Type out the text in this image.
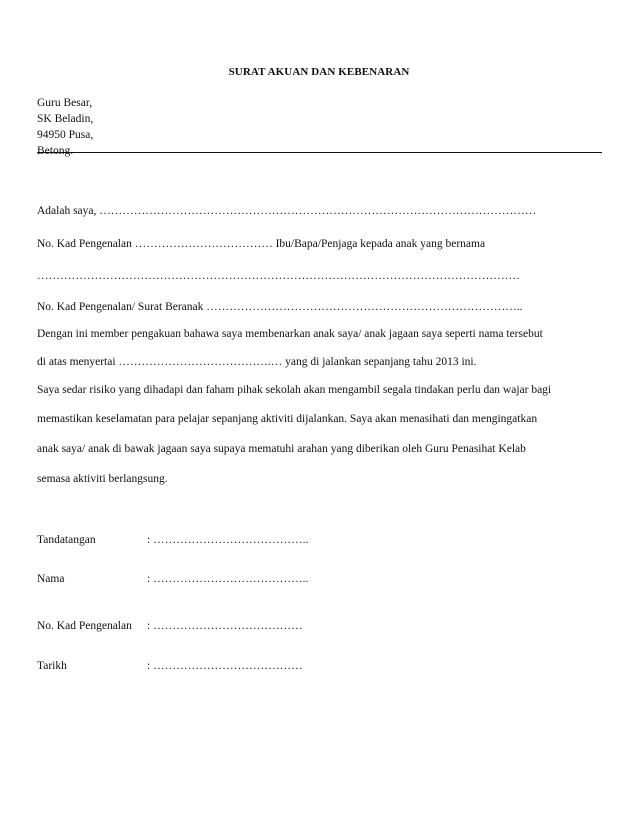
SURAT AKUAN DAN KEBENARAN
Guru Besar,
SK Beladin,
94950 Pusa,
Betong.
Adalah saya, ……………………………………………………………………………………………………
No. Kad Pengenalan ……………………………… Ibu/Bapa/Penjaga kepada anak yang bernama
………………………………………………………………………………………………………………
No. Kad Pengenalan/ Surat Beranak ………………………………………………………………………..
Dengan ini member pengakuan bahawa saya membenarkan anak saya/ anak jagaan saya seperti nama tersebut
di atas menyertai ………………………………….… yang di jalankan sepanjang tahu 2013 ini.
Saya sedar risiko yang dihadapi dan faham pihak sekolah akan mengambil segala tindakan perlu dan wajar bagi
memastikan keselamatan para pelajar sepanjang aktiviti dijalankan. Saya akan menasihati dan mengingatkan
anak saya/ anak di bawak jagaan saya supaya mematuhi arahan yang diberikan oleh Guru Penasihat Kelab
semasa aktiviti berlangsung.
Tandatangan	: …………………………………..
Nama	: …………………………………..
No. Kad Pengenalan : …………………………………
Tarikh	: …………………………………
